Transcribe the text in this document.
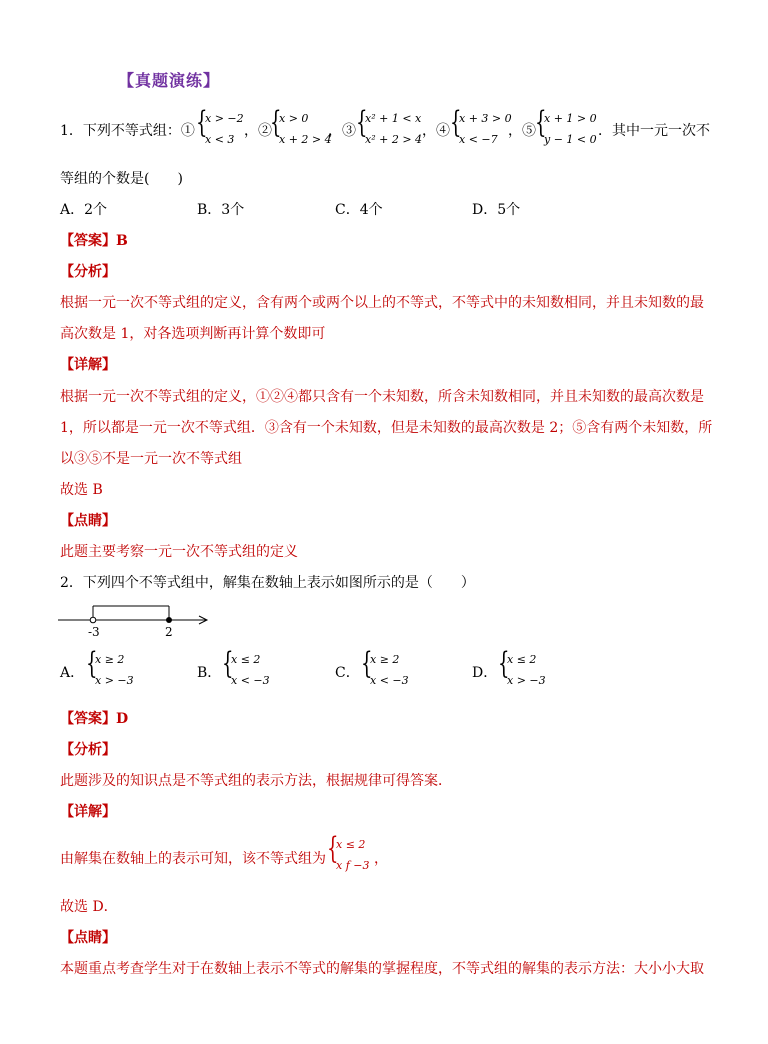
【真题演练】
1．下列不等式组：① {
x > −2
x < 3
，②
{
x > 0
x + 2 > 4
，③ {
x² + 1 < x
x² + 2 > 4
，④ {
x + 3 > 0
x < −7
，⑤ {
x + 1 > 0
y − 1 < 0
．其中一元一次不
等组的个数是(　　)
A．2个	B．3个	C．4个	D．5个
【答案】B
【分析】
根据一元一次不等式组的定义，含有两个或两个以上的不等式，不等式中的未知数相同，并且未知数的最
高次数是 1，对各选项判断再计算个数即可
【详解】
根据一元一次不等式组的定义，①②④都只含有一个未知数，所含未知数相同，并且未知数的最高次数是
1，所以都是一元一次不等式组．③含有一个未知数，但是未知数的最高次数是 2；⑤含有两个未知数，所
以③⑤不是一元一次不等式组
故选 B
【点睛】
此题主要考察一元一次不等式组的定义
2．下列四个不等式组中，解集在数轴上表示如图所示的是（　　）
-3	2
A． {
x ≥ 2
x > −3	B． {
x ≤ 2
x < −3	C． {
x ≥ 2
x < −3	D． {
x ≤ 2
x > −3
【答案】D
【分析】
此题涉及的知识点是不等式组的表示方法，根据规律可得答案．
【详解】
由解集在数轴上的表示可知，该不等式组为 {
x ≤ 2
x f −3 ，
故选 D．
【点睛】
本题重点考查学生对于在数轴上表示不等式的解集的掌握程度，不等式组的解集的表示方法：大小小大取
